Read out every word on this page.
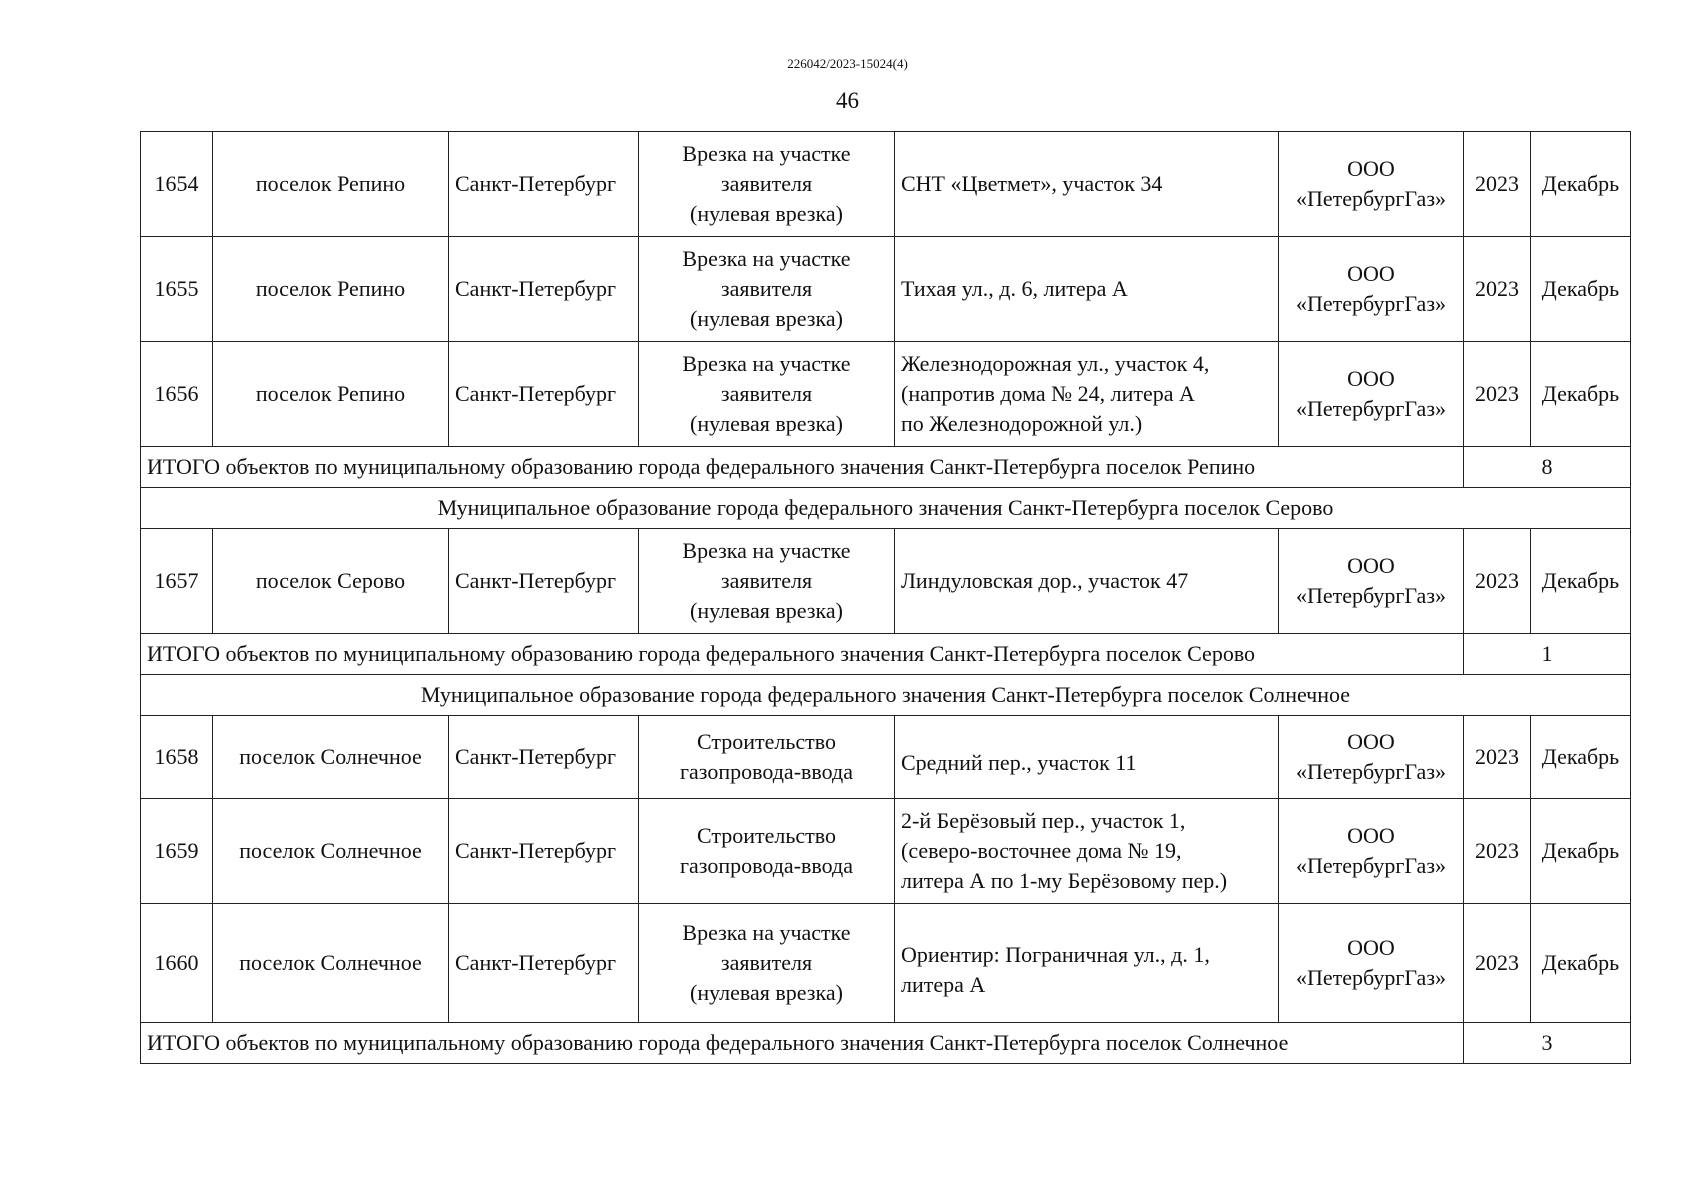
226042/2023-15024(4)
46
1654	поселок Репино	Санкт-Петербург	Врезка на участке
заявителя
(нулевая врезка)	СНТ «Цветмет», участок 34	ООО
«ПетербургГаз»	2023	Декабрь
1655	поселок Репино	Санкт-Петербург	Врезка на участке
заявителя
(нулевая врезка)	Тихая ул., д. 6, литера А	ООО
«ПетербургГаз»	2023	Декабрь
1656	поселок Репино	Санкт-Петербург	Врезка на участке
заявителя
(нулевая врезка)	Железнодорожная ул., участок 4,
(напротив дома № 24, литера А
по Железнодорожной ул.)	ООО
«ПетербургГаз»	2023	Декабрь
ИТОГО объектов по муниципальному образованию города федерального значения Санкт-Петербурга поселок Репино						8	
Муниципальное образование города федерального значения Санкт-Петербурга поселок Серово							
1657	поселок Серово	Санкт-Петербург	Врезка на участке
заявителя
(нулевая врезка)	Линдуловская дор., участок 47	ООО
«ПетербургГаз»	2023	Декабрь
ИТОГО объектов по муниципальному образованию города федерального значения Санкт-Петербурга поселок Серово						1	
Муниципальное образование города федерального значения Санкт-Петербурга поселок Солнечное							
1658	поселок Солнечное	Санкт-Петербург	Строительство
газопровода-ввода	Средний пер., участок 11	ООО
«ПетербургГаз»	2023	Декабрь
1659	поселок Солнечное	Санкт-Петербург	Строительство
газопровода-ввода	2-й Берёзовый пер., участок 1,
(северо-восточнее дома № 19,
литера А по 1-му Берёзовому пер.)	ООО
«ПетербургГаз»	2023	Декабрь
1660	поселок Солнечное	Санкт-Петербург	Врезка на участке
заявителя
(нулевая врезка)	Ориентир: Пограничная ул., д. 1,
литера А	ООО
«ПетербургГаз»	2023	Декабрь
ИТОГО объектов по муниципальному образованию города федерального значения Санкт-Петербурга поселок Солнечное						3	
